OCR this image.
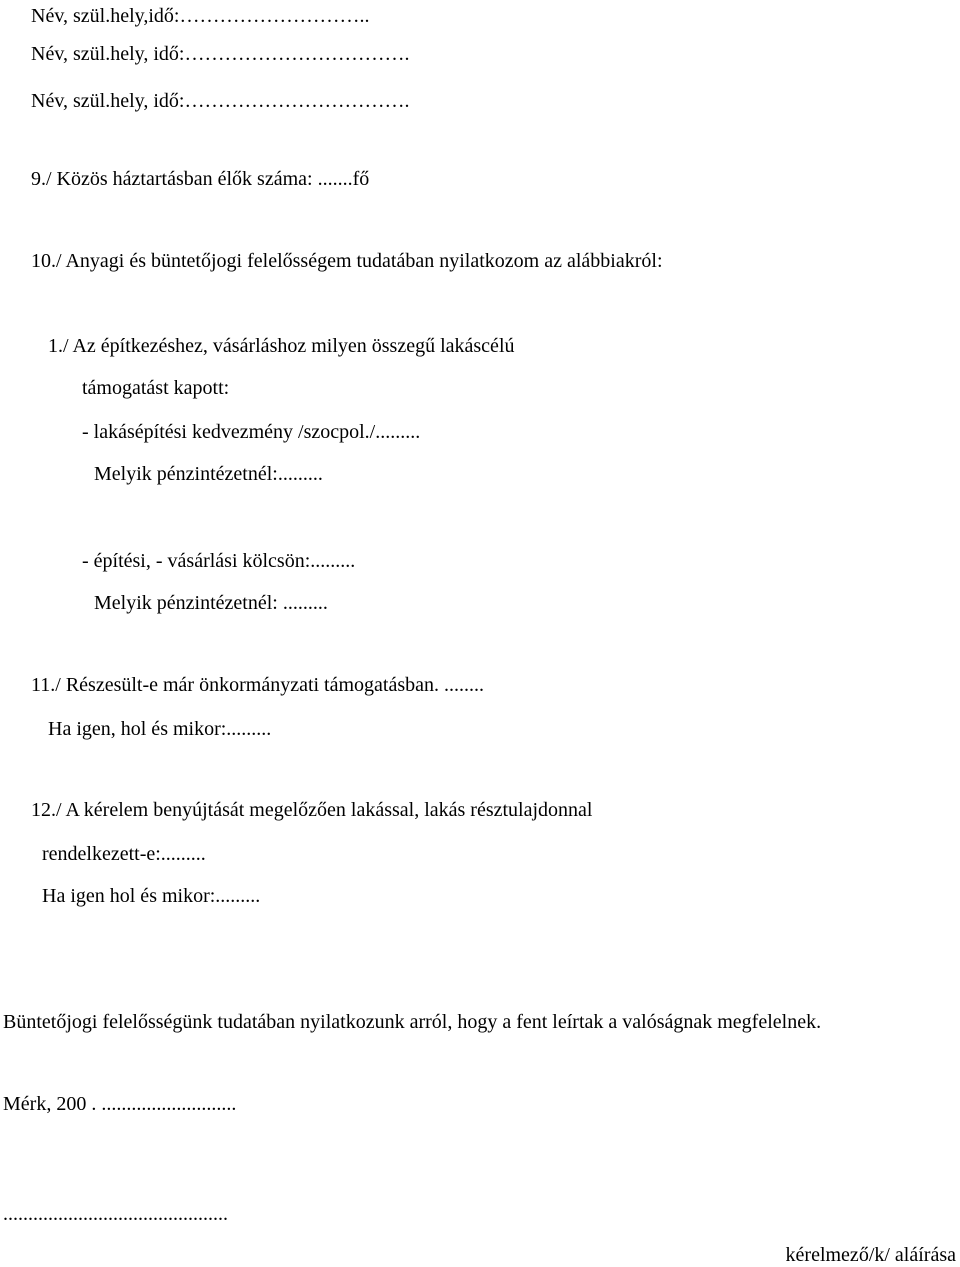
Név, szül.hely,idő:………………………..

Név, szül.hely, idő:…………………………….

Név, szül.hely, idő:…………………………….

9./ Közös háztartásban élők száma: .......fő

10./ Anyagi és büntetőjogi felelősségem tudatában nyilatkozom az alábbiakról:

1./ Az építkezéshez, vásárláshoz milyen összegű lakáscélú

támogatást kapott:

- lakásépítési kedvezmény /szocpol./.........

Melyik pénzintézetnél:.........

- építési, - vásárlási kölcsön:.........

Melyik pénzintézetnél: .........

11./ Részesült-e már önkormányzati támogatásban. ........

Ha igen, hol és mikor:.........

12./ A kérelem benyújtását megelőzően lakással, lakás résztulajdonnal

rendelkezett-e:.........

Ha igen hol és mikor:.........

Büntetőjogi felelősségünk tudatában nyilatkozunk arról, hogy a fent leírtak a valóságnak megfelelnek.

Mérk, 200 . ...........................

.............................................

kérelmező/k/ aláírása
